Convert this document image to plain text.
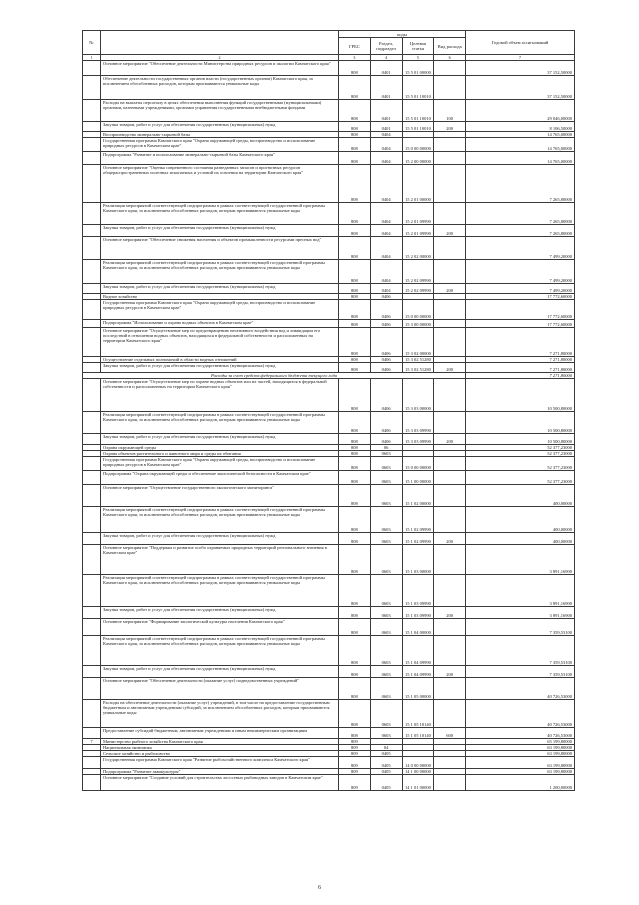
№		коды				Годовой объем ассигнований
		ГРБС	Раздел, подраздел	Целевая статья	Вид расхода	
1	2	3	4	5	6	7
	Основное мероприятие "Обеспечение деятельности Министерства природных ресурсов и экологии Камчатского края"	808	0401	15 5 01 00000		37 152,50000
	Обеспечение деятельности государственных органов власти (государственных органов) Камчатского края, за исключением обособленных расходов, которым присваиваются уникальные коды	808	0401	15 5 01 10010		37 152,50000
	Расходы на выплаты персоналу в целях обеспечения выполнения функций государственными (муниципальными) органами, казенными учреждениями, органами управления государственными внебюджетными фондами	808	0401	15 5 01 10010	100	29 046,00000
	Закупка товаров, работ и услуг для обеспечения государственных (муниципальных) нужд	808	0401	15 5 01 10010	200	8 106,50000
	Воспроизводство минерально-сырьевой базы	808	0404			14 765,00000
	Государственная программа Камчатского края "Охрана окружающей среды, воспроизводство и использование природных ресурсов в Камчатском крае"	808	0404	15 0 00 00000		14 765,00000
	Подпрограмма "Развитие и использование минерально-сырьевой базы Камчатского края"	808	0404	15 2 00 00000		14 765,00000
	Основное мероприятие "Оценка современного состояния разведанных запасов и прогнозных ресурсов общераспространенных полезных ископаемых и условий их освоения на территории Камчатского края"	808	0404	15 2 01 00000		7 265,80000
	Реализация мероприятий соответствующей подпрограммы в рамках соответствующей государственной программы Камчатского края, за исключением обособленных расходов, которым присваиваются уникальные коды	808	0404	15 2 01 09990		7 265,80000
	Закупка товаров, работ и услуг для обеспечения государственных (муниципальных) нужд	808	0404	15 2 01 09990	200	7 265,80000
	Основное мероприятие "Обеспечение снижения населения и объектов промышленности ресурсами пресных вод"	808	0404	15 2 02 00000		7 499,20000
	Реализация мероприятий соответствующей подпрограммы в рамках соответствующей государственной программы Камчатского края, за исключением обособленных расходов, которым присваиваются уникальные коды	808	0404	15 2 02 09990		7 499,20000
	Закупка товаров, работ и услуг для обеспечения государственных (муниципальных) нужд	808	0404	15 2 02 09990	200	7 499,20000
	Водное хозяйство	808	0406			17 772,60000
	Государственная программа Камчатского края "Охрана окружающей среды, воспроизводство и использование природных ресурсов в Камчатском крае"	808	0406	15 0 00 00000		17 772,60000
	Подпрограмма "Использование и охрана водных объектов в Камчатском крае"	808	0406	15 3 00 00000		17 772,60000
	Основное мероприятие "Осуществление мер по предотвращению негативного воздействия вод и ликвидации его последствий в отношении водных объектов, находящихся в федеральной собственности и расположенных на территории Камчатского края"	808	0406	15 3 02 00000		7 271,80000
	Осуществление отдельных полномочий в области водных отношений	808	0406	15 3 02 51280		7 271,80000
	Закупка товаров, работ и услуг для обеспечения государственных (муниципальных) нужд	808	0406	15 3 02 51280	200	7 271,80000
Расходы за счет средств федерального бюджета текущего года						7 271,80000
	Основное мероприятие "Осуществление мер по охране водных объектов или их частей, находящихся в федеральной собственности и расположенных на территории Камчатского края"	808	0406	15 3 03 00000		10 500,80000
	Реализация мероприятий соответствующей подпрограммы в рамках соответствующей государственной программы Камчатского края, за исключением обособленных расходов, которым присваиваются уникальные коды	808	0406	15 3 03 09990		10 500,80000
	Закупка товаров, работ и услуг для обеспечения государственных (муниципальных) нужд	808	0406	15 3 03 09990	200	10 500,80000
	Охрана окружающей среды	808	06			52 377,23000
	Охрана объектов растительного и животного мира и среды их обитания	808	0603			52 377,23000
	Государственная программа Камчатского края "Охрана окружающей среды, воспроизводство и использование природных ресурсов в Камчатском крае"	808	0603	15 0 00 00000		52 377,23000
	Подпрограмма "Охрана окружающей среды и обеспечение экологической безопасности в Камчатском крае"	808	0603	15 1 00 00000		52 377,23000
	Основное мероприятие "Осуществление государственного экологического мониторинга"	808	0603	15 1 02 00000		400,00000
	Реализация мероприятий соответствующей подпрограммы в рамках соответствующей государственной программы Камчатского края, за исключением обособленных расходов, которым присваиваются уникальные коды	808	0603	15 1 02 09990		400,00000
	Закупка товаров, работ и услуг для обеспечения государственных (муниципальных) нужд	808	0603	15 1 02 09990	200	400,00000
	Основное мероприятие "Поддержка и развитие особо охраняемых природных территорий регионального значения в Камчатском крае"	808	0603	15 1 03 00000		3 891,16900
	Реализация мероприятий соответствующей подпрограммы в рамках соответствующей государственной программы Камчатского края, за исключением обособленных расходов, которым присваиваются уникальные коды	808	0603	15 1 03 09990		3 891,16900
	Закупка товаров, работ и услуг для обеспечения государственных (муниципальных) нужд	808	0603	15 1 03 09990	200	3 891,16900
	Основное мероприятие "Формирование экологической культуры населения Камчатского края"	808	0603	15 1 04 00000		7 359,53100
	Реализация мероприятий соответствующей подпрограммы в рамках соответствующей государственной программы Камчатского края, за исключением обособленных расходов, которым присваиваются уникальные коды	808	0603	15 1 04 09990		7 359,53100
	Закупка товаров, работ и услуг для обеспечения государственных (муниципальных) нужд	808	0603	15 1 04 09990	200	7 359,53100
	Основное мероприятие "Обеспечение деятельности (оказание услуг) подведомственных учреждений"	808	0603	15 1 05 00000		40 726,53000
	Расходы на обеспечение деятельности (оказание услуг) учреждений, в том числе на предоставление государственным бюджетным и автономным учреждениям субсидий, за исключением обособленных расходов, которым присваиваются уникальные коды	808	0603	15 1 05 10140		40 726,53000
	Предоставление субсидий бюджетным, автономным учреждениям и иным некоммерческим организациям	808	0603	15 1 05 10140	600	40 726,53000
7	Министерство рыбного хозяйства Камчатского края	809				65 199,80000
	Национальная экономика	809	04			63 199,80000
	Сельское хозяйство и рыболовство	809	0405			63 199,80000
	Государственная программа Камчатского края "Развитие рыбохозяйственного комплекса Камчатского края"	809	0405	14 0 00 00000		63 199,80000
	Подпрограмма "Развитие аквакультуры"	809	0405	14 1 00 00000		63 199,80000
	Основное мероприятие "Создание условий для строительства лососевых рыбоводных заводов в Камчатском крае"	809	0405	14 1 01 00000		1 200,00000
6
